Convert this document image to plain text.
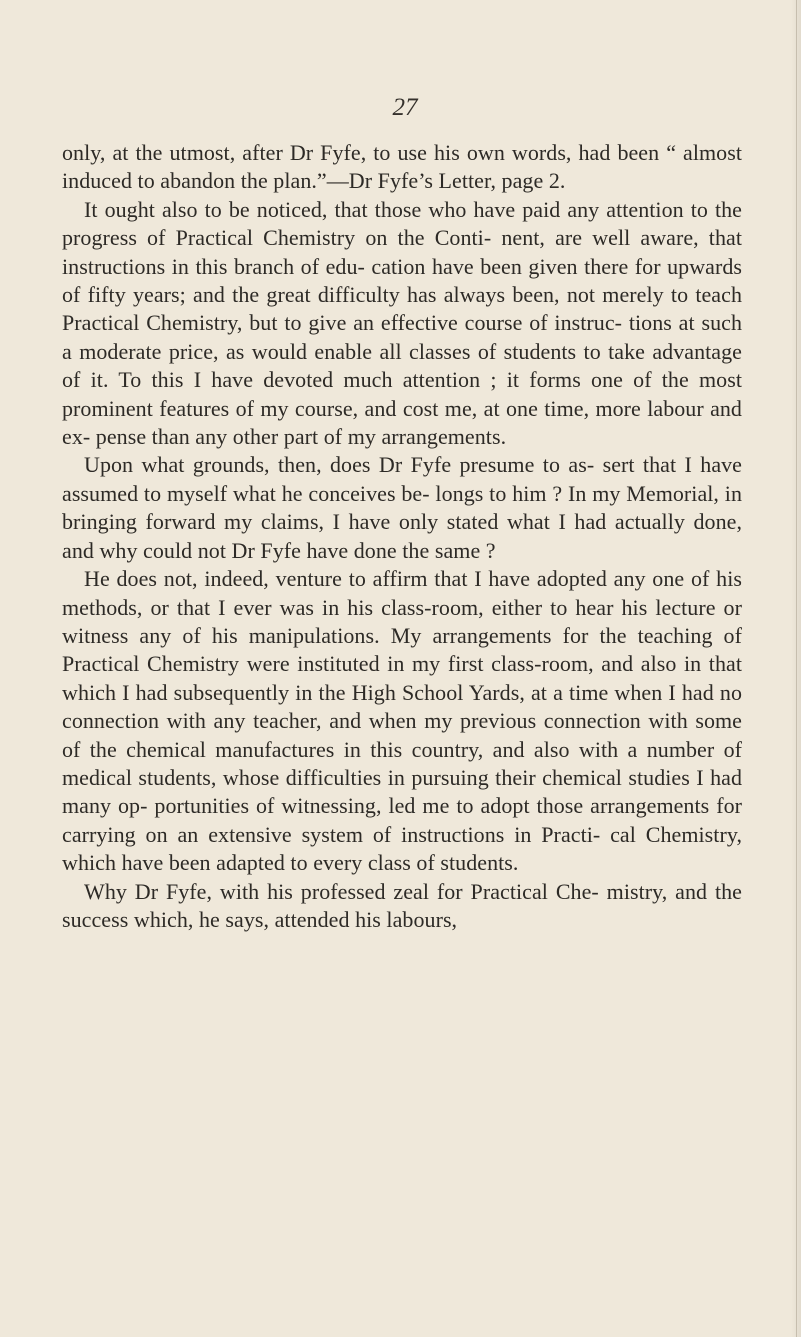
27

only, at the utmost, after Dr Fyfe, to use his own words, had been “ almost induced to abandon the plan.”—Dr Fyfe’s Letter, page 2.

It ought also to be noticed, that those who have paid any attention to the progress of Practical Chemistry on the Conti- nent, are well aware, that instructions in this branch of edu- cation have been given there for upwards of fifty years; and the great difficulty has always been, not merely to teach Practical Chemistry, but to give an effective course of instruc- tions at such a moderate price, as would enable all classes of students to take advantage of it. To this I have devoted much attention ; it forms one of the most prominent features of my course, and cost me, at one time, more labour and ex- pense than any other part of my arrangements.

Upon what grounds, then, does Dr Fyfe presume to as- sert that I have assumed to myself what he conceives be- longs to him ? In my Memorial, in bringing forward my claims, I have only stated what I had actually done, and why could not Dr Fyfe have done the same ?

He does not, indeed, venture to affirm that I have adopted any one of his methods, or that I ever was in his class-room, either to hear his lecture or witness any of his manipulations. My arrangements for the teaching of Practical Chemistry were instituted in my first class-room, and also in that which I had subsequently in the High School Yards, at a time when I had no connection with any teacher, and when my previous connection with some of the chemical manufactures in this country, and also with a number of medical students, whose difficulties in pursuing their chemical studies I had many op- portunities of witnessing, led me to adopt those arrangements for carrying on an extensive system of instructions in Practi- cal Chemistry, which have been adapted to every class of students.

Why Dr Fyfe, with his professed zeal for Practical Che- mistry, and the success which, he says, attended his labours,
